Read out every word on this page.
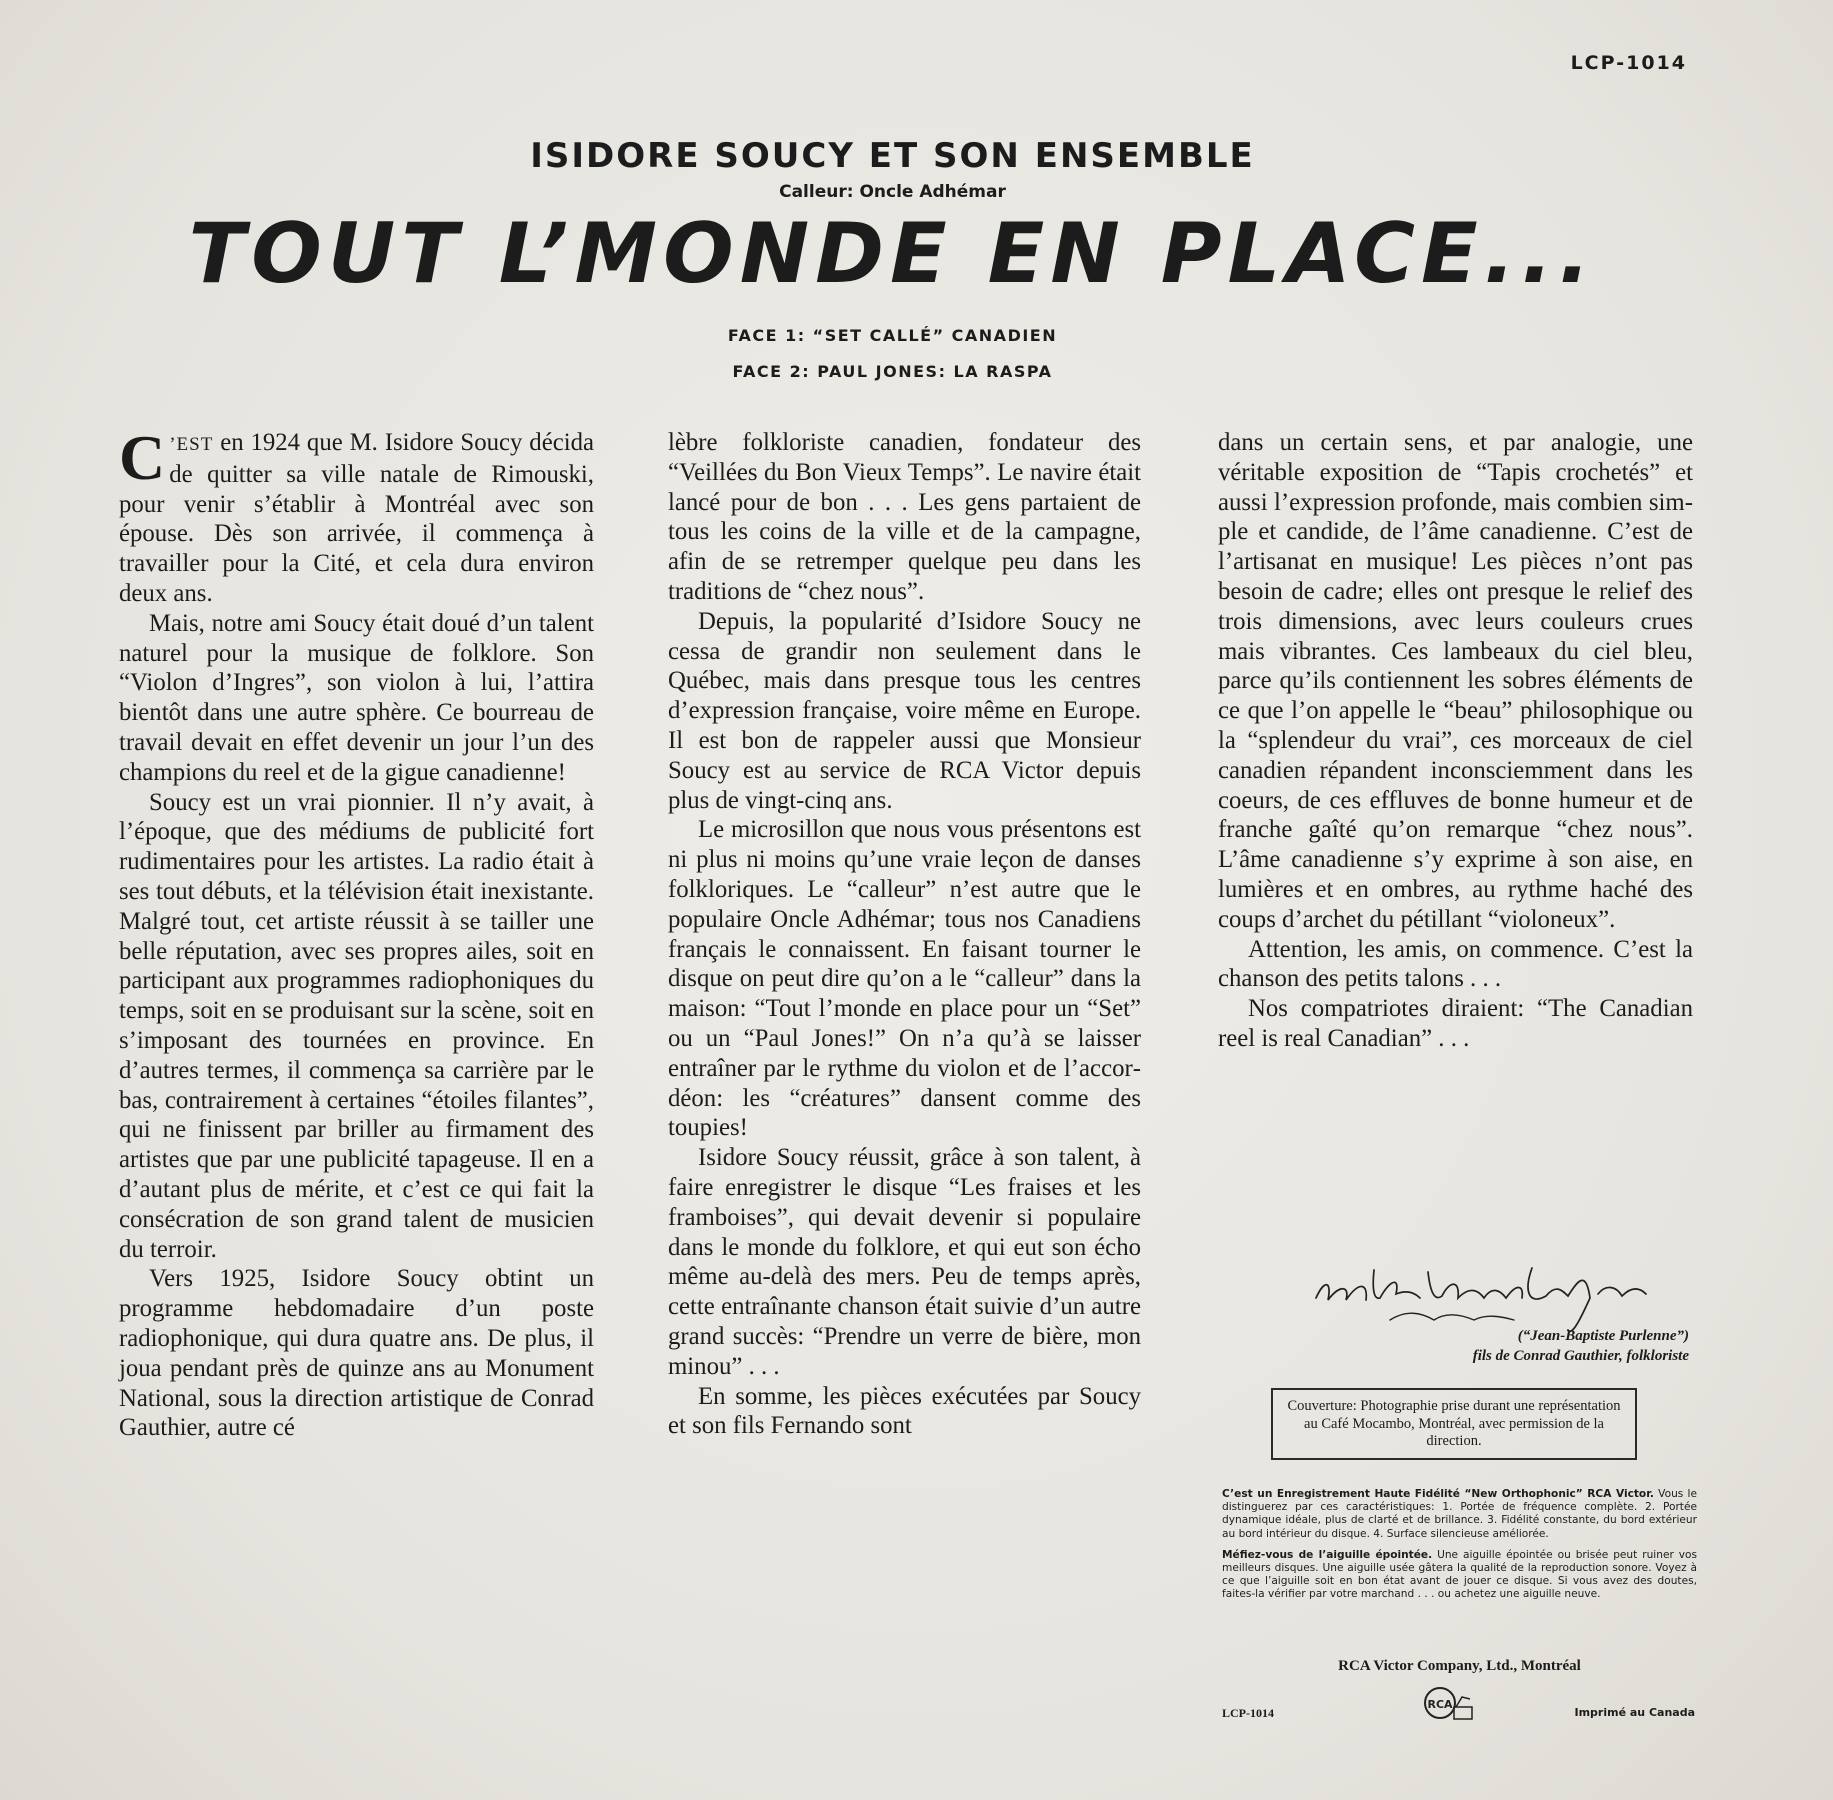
LCP-1014
ISIDORE SOUCY ET SON ENSEMBLE
Calleur: Oncle Adhémar
TOUT L’MONDE EN PLACE...
FACE 1: “SET CALLÉ” CANADIEN
FACE 2: PAUL JONES: LA RASPA

C ’EST en 1924 que M. Isidore Soucy décida de quitter sa ville natale de Rimouski, pour venir s’établir à Montréal avec son épouse. Dès son arrivée, il commença à travailler pour la Cité, et cela dura environ deux ans.

Mais, notre ami Soucy était doué d’un talent naturel pour la musique de folklore. Son “Violon d’Ingres”, son violon à lui, l’attira bientôt dans une autre sphère. Ce bourreau de travail devait en effet devenir un jour l’un des champions du reel et de la gigue canadienne!

Soucy est un vrai pionnier. Il n’y avait, à l’époque, que des médiums de publicité fort rudimentaires pour les artistes. La radio était à ses tout débuts, et la télévision était inexistante. Malgré tout, cet artiste réussit à se tailler une belle réputation, avec ses propres ailes, soit en participant aux programmes radiophoniques du temps, soit en se produisant sur la scène, soit en s’imposant des tournées en province. En d’autres termes, il commença sa carrière par le bas, contrairement à certaines “étoiles filantes”, qui ne finissent par briller au firmament des artistes que par une publicité tapageuse. Il en a d’autant plus de mérite, et c’est ce qui fait la consécration de son grand talent de musicien du terroir.

Vers 1925, Isidore Soucy obtint un programme hebdomadaire d’un poste radiophonique, qui dura quatre ans. De plus, il joua pendant près de quinze ans au Monument National, sous la direction artistique de Conrad Gauthier, autre cé

lèbre folkloriste canadien, fondateur des “Veillées du Bon Vieux Temps”. Le navire était lancé pour de bon . . . Les gens partaient de tous les coins de la ville et de la campagne, afin de se retremper quelque peu dans les traditions de “chez nous”.

Depuis, la popularité d’Isidore Soucy ne cessa de grandir non seulement dans le Québec, mais dans presque tous les centres d’expression française, voire même en Europe. Il est bon de rappeler aussi que Monsieur Soucy est au service de RCA Victor depuis plus de vingt-cinq ans.

Le microsillon que nous vous présentons est ni plus ni moins qu’une vraie leçon de danses folkloriques. Le “calleur” n’est autre que le populaire Oncle Adhémar; tous nos Canadiens français le connaissent. En faisant tourner le disque on peut dire qu’on a le “calleur” dans la maison: “Tout l’monde en place pour un “Set” ou un “Paul Jones!” On n’a qu’à se laisser entraîner par le rythme du violon et de l’accordéon: les “créatures” dansent comme des toupies!

Isidore Soucy réussit, grâce à son talent, à faire enregistrer le disque “Les fraises et les framboises”, qui devait devenir si populaire dans le monde du folklore, et qui eut son écho même au-delà des mers. Peu de temps après, cette entraînante chanson était suivie d’un autre grand succès: “Prendre un verre de bière, mon minou” . . .

En somme, les pièces exécutées par Soucy et son fils Fernando sont

dans un certain sens, et par analogie, une véritable exposition de “Tapis crochetés” et aussi l’expression profonde, mais combien simple et candide, de l’âme canadienne. C’est de l’artisanat en musique! Les pièces n’ont pas besoin de cadre; elles ont presque le relief des trois dimensions, avec leurs couleurs crues mais vibrantes. Ces lambeaux du ciel bleu, parce qu’ils contiennent les sobres éléments de ce que l’on appelle le “beau” philosophique ou la “splendeur du vrai”, ces morceaux de ciel canadien répandent inconsciemment dans les coeurs, de ces effluves de bonne humeur et de franche gaîté qu’on remarque “chez nous”. L’âme canadienne s’y exprime à son aise, en lumières et en ombres, au rythme haché des coups d’archet du pétillant “violoneux”.

Attention, les amis, on commence. C’est la chanson des petits talons . . .

Nos compatriotes diraient: “The Canadian reel is real Canadian” . . .

(“Jean-Baptiste Purlenne”)
fils de Conrad Gauthier, folkloriste
Couverture: Photographie prise durant une représentation au Café Mocambo, Montréal, avec permission de la direction.

C’est un Enregistrement Haute Fidélité “New Orthophonic” RCA Victor. Vous le distinguerez par ces caractéristiques: 1. Portée de fréquence complète. 2. Portée dynamique idéale, plus de clarté et de brillance. 3. Fidélité constante, du bord extérieur au bord intérieur du disque. 4. Surface silencieuse améliorée.

Méfiez-vous de l’aiguille épointée. Une aiguille épointée ou brisée peut ruiner vos meilleurs disques. Une aiguille usée gâtera la qualité de la reproduction sonore. Voyez à ce que l’aiguille soit en bon état avant de jouer ce disque. Si vous avez des doutes, faites-la vérifier par votre marchand . . . ou achetez une aiguille neuve.

RCA Victor Company, Ltd., Montréal
RCA
LCP-1014	Imprimé au Canada
